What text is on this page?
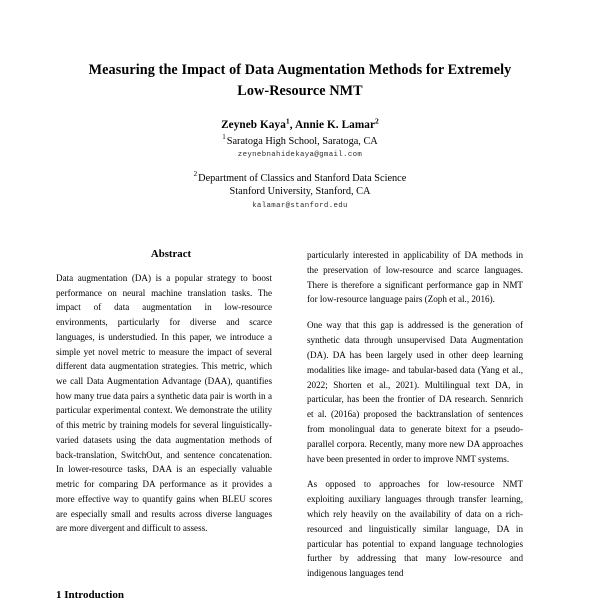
Measuring the Impact of Data Augmentation Methods for Extremely Low-Resource NMT
Zeyneb Kaya$^1$, Annie K. Lamar$^2$
$^1$Saratoga High School, Saratoga, CA
zeynebnahidekaya@gmail.com
$^2$Department of Classics and Stanford Data Science
Stanford University, Stanford, CA
kalamar@stanford.edu
Abstract

Data augmentation (DA) is a popular strategy to boost performance on neural machine translation tasks. The impact of data augmentation in low-resource environments, particularly for diverse and scarce languages, is understudied. In this paper, we introduce a simple yet novel metric to measure the impact of several different data augmentation strategies. This metric, which we call Data Augmentation Advantage (DAA), quantifies how many true data pairs a synthetic data pair is worth in a particular experimental context. We demonstrate the utility of this metric by training models for several linguistically-varied datasets using the data augmentation methods of back-translation, SwitchOut, and sentence concatenation. In lower-resource tasks, DAA is an especially valuable metric for comparing DA performance as it provides a more effective way to quantify gains when BLEU scores are especially small and results across diverse languages are more divergent and difficult to assess.

particularly interested in applicability of DA methods in the preservation of low-resource and scarce languages. There is therefore a significant performance gap in NMT for low-resource language pairs (Zoph et al., 2016).

One way that this gap is addressed is the generation of synthetic data through unsupervised Data Augmentation (DA). DA has been largely used in other deep learning modalities like image- and tabular-based data (Yang et al., 2022; Shorten et al., 2021). Multilingual text DA, in particular, has been the frontier of DA research. Sennrich et al. (2016a) proposed the backtranslation of sentences from monolingual data to generate bitext for a pseudo-parallel corpora. Recently, many more new DA approaches have been presented in order to improve NMT systems.

As opposed to approaches for low-resource NMT exploiting auxiliary languages through transfer learning, which rely heavily on the availability of data on a rich-resourced and linguistically similar language, DA in particular has potential to expand language technologies further by addressing that many low-resource and indigenous languages tend

1 Introduction
